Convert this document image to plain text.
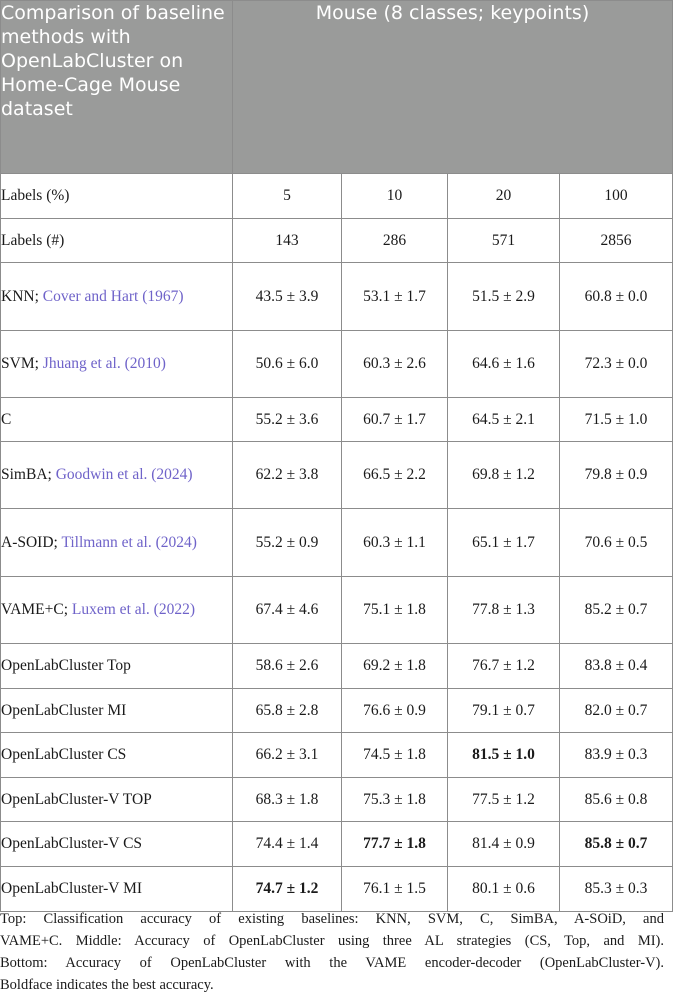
Comparison of baseline methods with OpenLabCluster on Home-Cage Mouse dataset	Mouse (8 classes; keypoints)			
Labels (%)	5	10	20	100
Labels (#)	143	286	571	2856
KNN; Cover and Hart (1967)	43.5 ± 3.9	53.1 ± 1.7	51.5 ± 2.9	60.8 ± 0.0
SVM; Jhuang et al. (2010)	50.6 ± 6.0	60.3 ± 2.6	64.6 ± 1.6	72.3 ± 0.0
C	55.2 ± 3.6	60.7 ± 1.7	64.5 ± 2.1	71.5 ± 1.0
SimBA; Goodwin et al. (2024)	62.2 ± 3.8	66.5 ± 2.2	69.8 ± 1.2	79.8 ± 0.9
A-SOID; Tillmann et al. (2024)	55.2 ± 0.9	60.3 ± 1.1	65.1 ± 1.7	70.6 ± 0.5
VAME+C; Luxem et al. (2022)	67.4 ± 4.6	75.1 ± 1.8	77.8 ± 1.3	85.2 ± 0.7
OpenLabCluster Top	58.6 ± 2.6	69.2 ± 1.8	76.7 ± 1.2	83.8 ± 0.4
OpenLabCluster MI	65.8 ± 2.8	76.6 ± 0.9	79.1 ± 0.7	82.0 ± 0.7
OpenLabCluster CS	66.2 ± 3.1	74.5 ± 1.8	81.5 ± 1.0	83.9 ± 0.3
OpenLabCluster-V TOP	68.3 ± 1.8	75.3 ± 1.8	77.5 ± 1.2	85.6 ± 0.8
OpenLabCluster-V CS	74.4 ± 1.4	77.7 ± 1.8	81.4 ± 0.9	85.8 ± 0.7
OpenLabCluster-V MI	74.7 ± 1.2	76.1 ± 1.5	80.1 ± 0.6	85.3 ± 0.3
Top: Classification accuracy of existing baselines: KNN, SVM, C, SimBA, A-SOiD, and
VAME+C. Middle: Accuracy of OpenLabCluster using three AL strategies (CS, Top, and MI).
Bottom: Accuracy of OpenLabCluster with the VAME encoder-decoder (OpenLabCluster-V).
Boldface indicates the best accuracy.
